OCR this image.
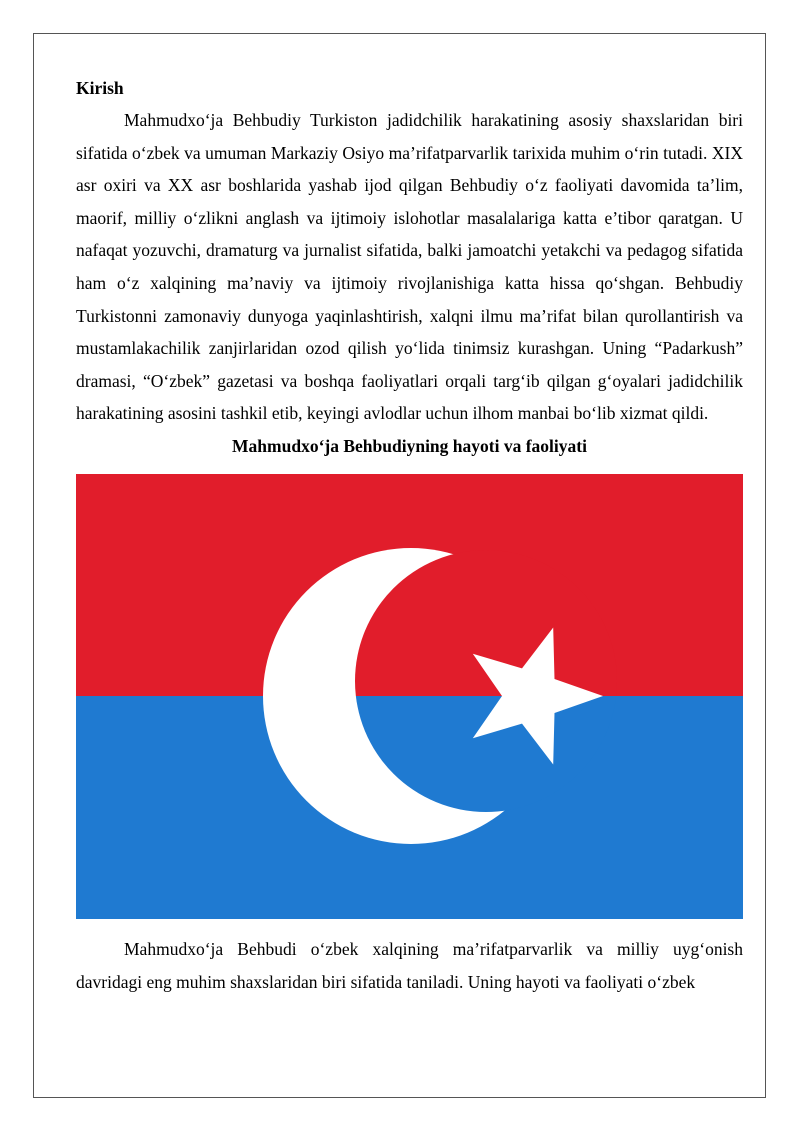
Kirish

Mahmudxo‘ja Behbudiy Turkiston jadidchilik harakatining asosiy shaxslaridan biri sifatida o‘zbek va umuman Markaziy Osiyo ma’rifatparvarlik tarixida muhim o‘rin tutadi. XIX asr oxiri va XX asr boshlarida yashab ijod qilgan Behbudiy o‘z faoliyati davomida ta’lim, maorif, milliy o‘zlikni anglash va ijtimoiy islohotlar masalalariga katta e’tibor qaratgan. U nafaqat yozuvchi, dramaturg va jurnalist sifatida, balki jamoatchi yetakchi va pedagog sifatida ham o‘z xalqining ma’naviy va ijtimoiy rivojlanishiga katta hissa qo‘shgan. Behbudiy Turkistonni zamonaviy dunyoga yaqinlashtirish, xalqni ilmu ma’rifat bilan qurollantirish va mustamlakachilik zanjirlaridan ozod qilish yo‘lida tinimsiz kurashgan. Uning “Padarkush” dramasi, “O‘zbek” gazetasi va boshqa faoliyatlari orqali targ‘ib qilgan g‘oyalari jadidchilik harakatining asosini tashkil etib, keyingi avlodlar uchun ilhom manbai bo‘lib xizmat qildi.

Mahmudxo‘ja Behbudiyning hayoti va faoliyati

Mahmudxo‘ja Behbudi o‘zbek xalqining ma’rifatparvarlik va milliy uyg‘onish davridagi eng muhim shaxslaridan biri sifatida taniladi. Uning hayoti va faoliyati o‘zbek
